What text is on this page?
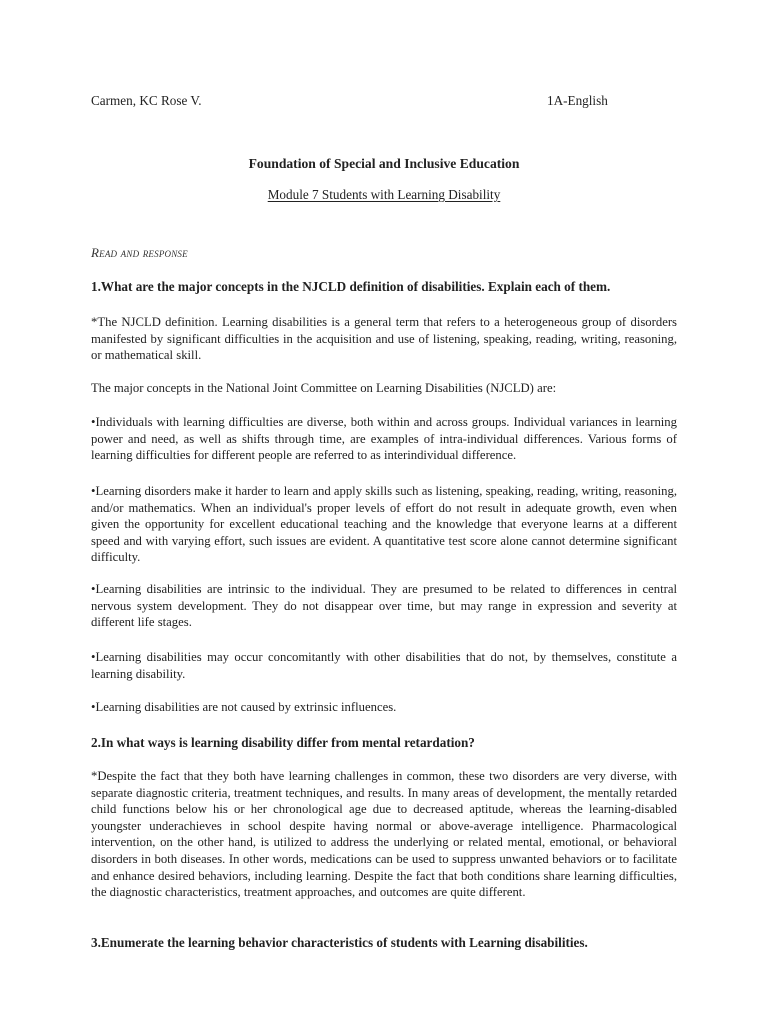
Carmen, KC Rose V.	1A-English
Foundation of Special and Inclusive Education
Module 7 Students with Learning Disability
Read and response

1.What are the major concepts in the NJCLD definition of disabilities. Explain each of them.

*The NJCLD definition. Learning disabilities is a general term that refers to a heterogeneous group of disorders manifested by significant difficulties in the acquisition and use of listening, speaking, reading, writing, reasoning, or mathematical skill.

The major concepts in the National Joint Committee on Learning Disabilities (NJCLD) are:

•Individuals with learning difficulties are diverse, both within and across groups. Individual variances in learning power and need, as well as shifts through time, are examples of intra-individual differences. Various forms of learning difficulties for different people are referred to as interindividual difference.

•Learning disorders make it harder to learn and apply skills such as listening, speaking, reading, writing, reasoning, and/or mathematics. When an individual's proper levels of effort do not result in adequate growth, even when given the opportunity for excellent educational teaching and the knowledge that everyone learns at a different speed and with varying effort, such issues are evident. A quantitative test score alone cannot determine significant difficulty.

•Learning disabilities are intrinsic to the individual. They are presumed to be related to differences in central nervous system development. They do not disappear over time, but may range in expression and severity at different life stages.

•Learning disabilities may occur concomitantly with other disabilities that do not, by themselves, constitute a learning disability.

•Learning disabilities are not caused by extrinsic influences.

2.In what ways is learning disability differ from mental retardation?

*Despite the fact that they both have learning challenges in common, these two disorders are very diverse, with separate diagnostic criteria, treatment techniques, and results. In many areas of development, the mentally retarded child functions below his or her chronological age due to decreased aptitude, whereas the learning-disabled youngster underachieves in school despite having normal or above-average intelligence. Pharmacological intervention, on the other hand, is utilized to address the underlying or related mental, emotional, or behavioral disorders in both diseases. In other words, medications can be used to suppress unwanted behaviors or to facilitate and enhance desired behaviors, including learning. Despite the fact that both conditions share learning difficulties, the diagnostic characteristics, treatment approaches, and outcomes are quite different.

3.Enumerate the learning behavior characteristics of students with Learning disabilities.
